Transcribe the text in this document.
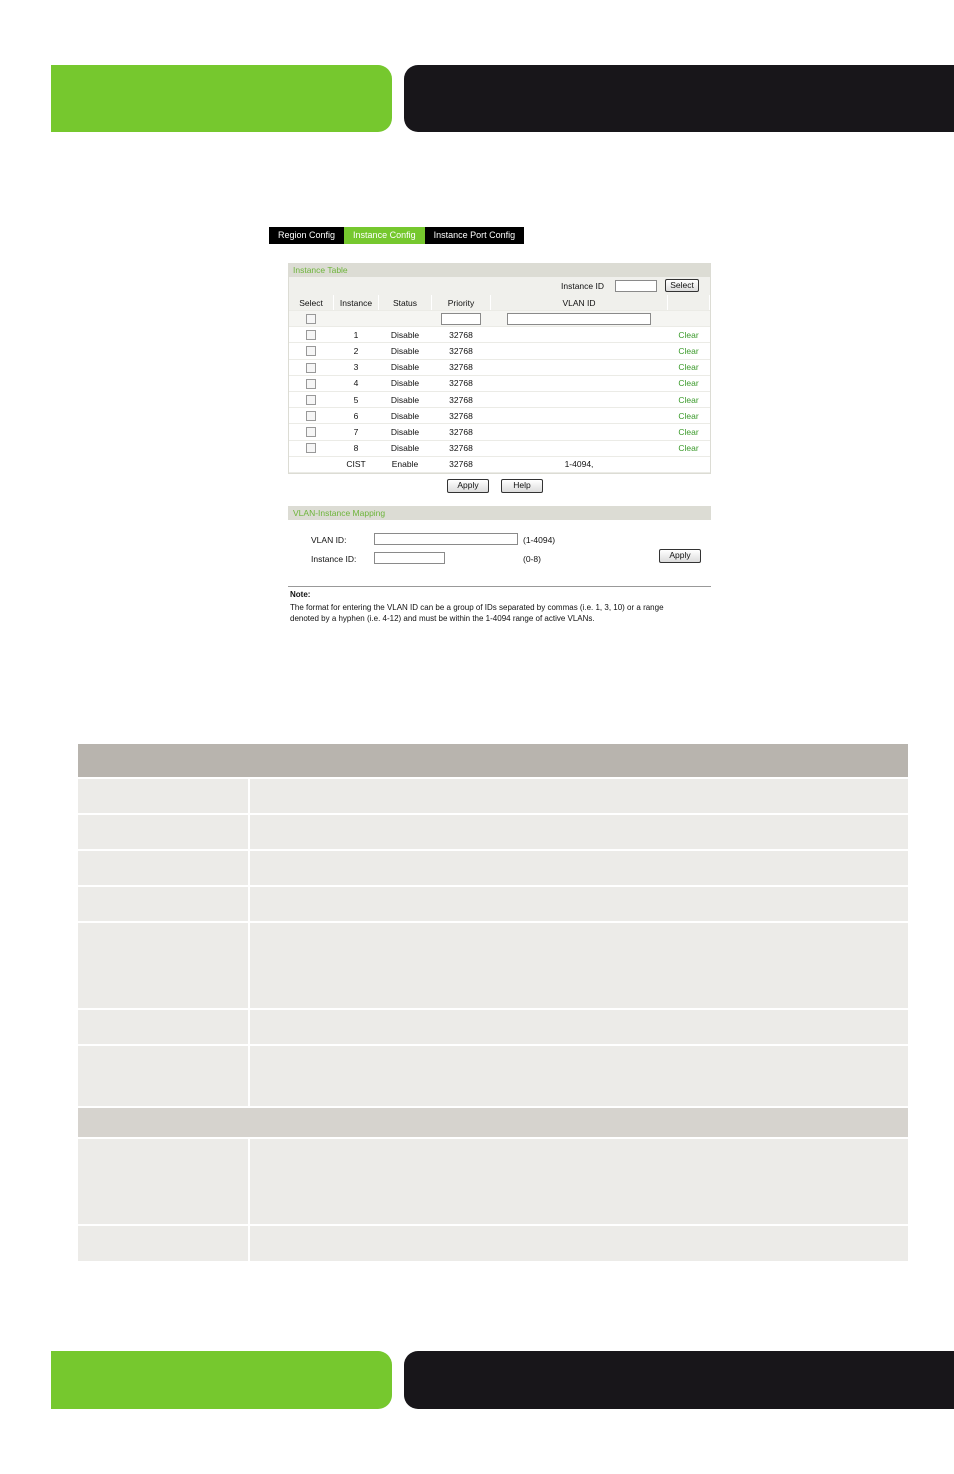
Region Config	Instance Config	Instance Port Config
Instance Table
Instance ID	Select
Select	Instance	Status	Priority	VLAN ID	

	1	Disable	32768		Clear
	2	Disable	32768		Clear
	3	Disable	32768		Clear
	4	Disable	32768		Clear
	5	Disable	32768		Clear
	6	Disable	32768		Clear
	7	Disable	32768		Clear
	8	Disable	32768		Clear
	CIST	Enable	32768	1-4094,	
Apply	Help
VLAN-Instance Mapping
VLAN ID:	(1-4094)
Instance ID:	(0-8)	Apply
Note:
The format for entering the VLAN ID can be a group of IDs separated by commas (i.e. 1, 3, 10) or a range
denoted by a hyphen (i.e. 4-12) and must be within the 1-4094 range of active VLANs.
